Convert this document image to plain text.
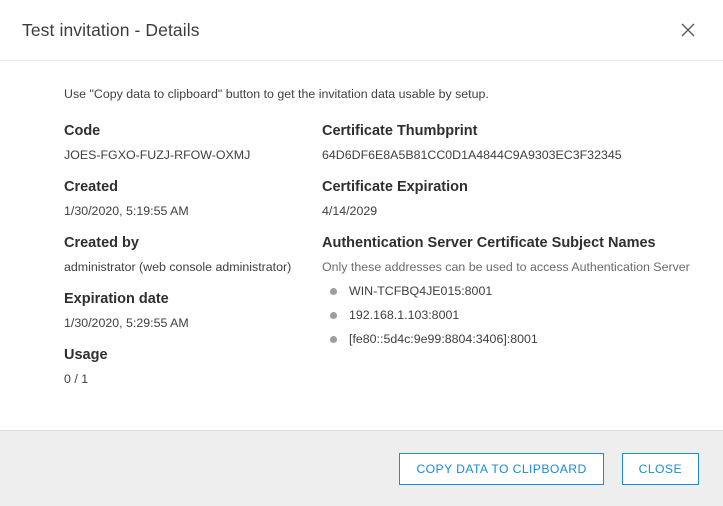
Test invitation - Details
Use "Copy data to clipboard" button to get the invitation data usable by setup.
Code
JOES-FGXO-FUZJ-RFOW-OXMJ
Created
1/30/2020, 5:19:55 AM
Created by
administrator (web console administrator)
Expiration date
1/30/2020, 5:29:55 AM
Usage
0 / 1
Certificate Thumbprint
64D6DF6E8A5B81CC0D1A4844C9A9303EC3F32345
Certificate Expiration
4/14/2029
Authentication Server Certificate Subject Names
Only these addresses can be used to access Authentication Server
WIN-TCFBQ4JE015:8001
192.168.1.103:8001
[fe80::5d4c:9e99:8804:3406]:8001
COPY DATA TO CLIPBOARD	CLOSE
